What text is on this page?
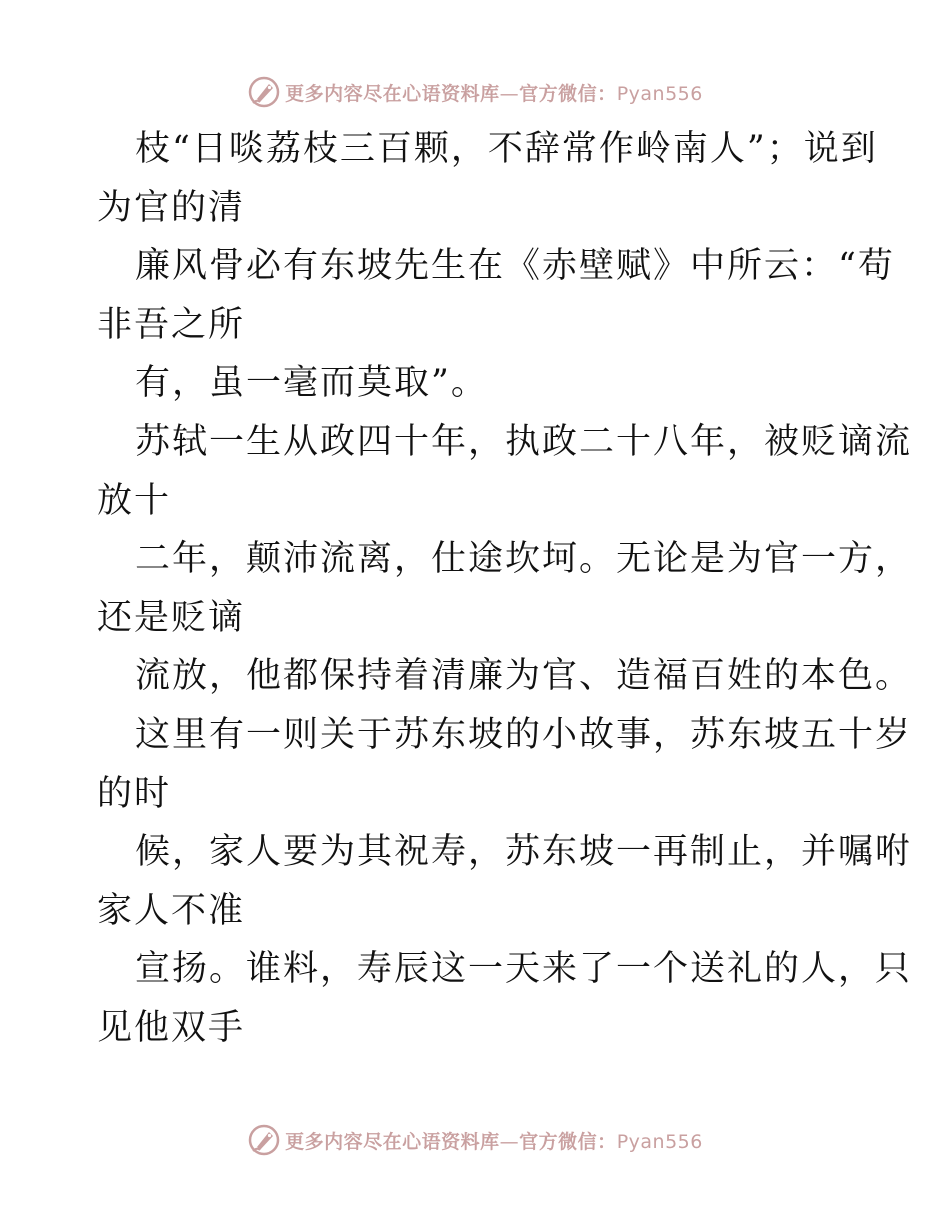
更多内容尽在心语资料库—官方微信：Pyan556
枝“日啖荔枝三百颗，不辞常作岭南人”；说到
为官的清
廉风骨必有东坡先生在《赤壁赋》中所云：“苟
非吾之所
有，虽一毫而莫取”。
苏轼一生从政四十年，执政二十八年，被贬谪流
放十
二年，颠沛流离，仕途坎坷。无论是为官一方，
还是贬谪
流放，他都保持着清廉为官、造福百姓的本色。
这里有一则关于苏东坡的小故事，苏东坡五十岁
的时
候，家人要为其祝寿，苏东坡一再制止，并嘱咐
家人不准
宣扬。谁料，寿辰这一天来了一个送礼的人，只
见他双手
更多内容尽在心语资料库—官方微信：Pyan556
